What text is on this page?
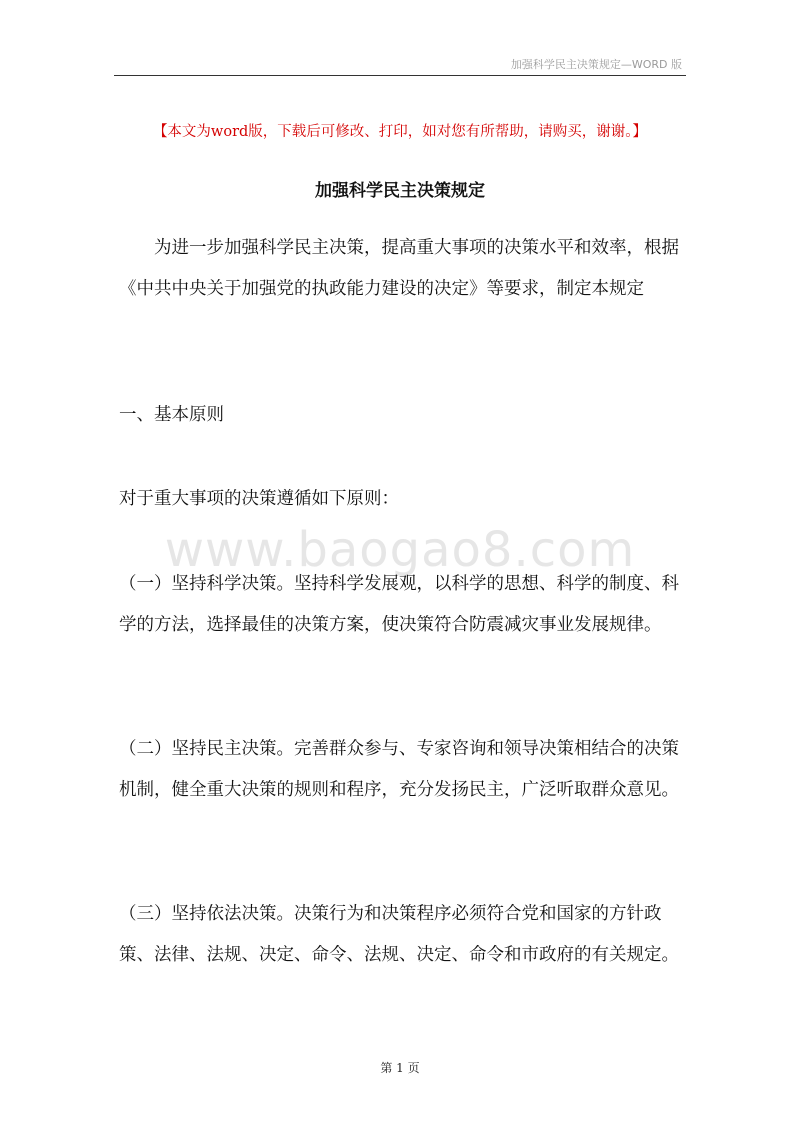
加强科学民主决策规定—WORD 版
【本文为word版，下载后可修改、打印，如对您有所帮助，请购买，谢谢。】
加强科学民主决策规定

为进一步加强科学民主决策，提高重大事项的决策水平和效率，根据《中共中央关于加强党的执政能力建设的决定》等要求，制定本规定

一、基本原则

对于重大事项的决策遵循如下原则：

www.baogao8.com

（一）坚持科学决策。坚持科学发展观，以科学的思想、科学的制度、科学的方法，选择最佳的决策方案，使决策符合防震减灾事业发展规律。

（二）坚持民主决策。完善群众参与、专家咨询和领导决策相结合的决策机制，健全重大决策的规则和程序，充分发扬民主，广泛听取群众意见。

（三）坚持依法决策。决策行为和决策程序必须符合党和国家的方针政策、法律、法规、决定、命令、法规、决定、命令和市政府的有关规定。

第 1 页
